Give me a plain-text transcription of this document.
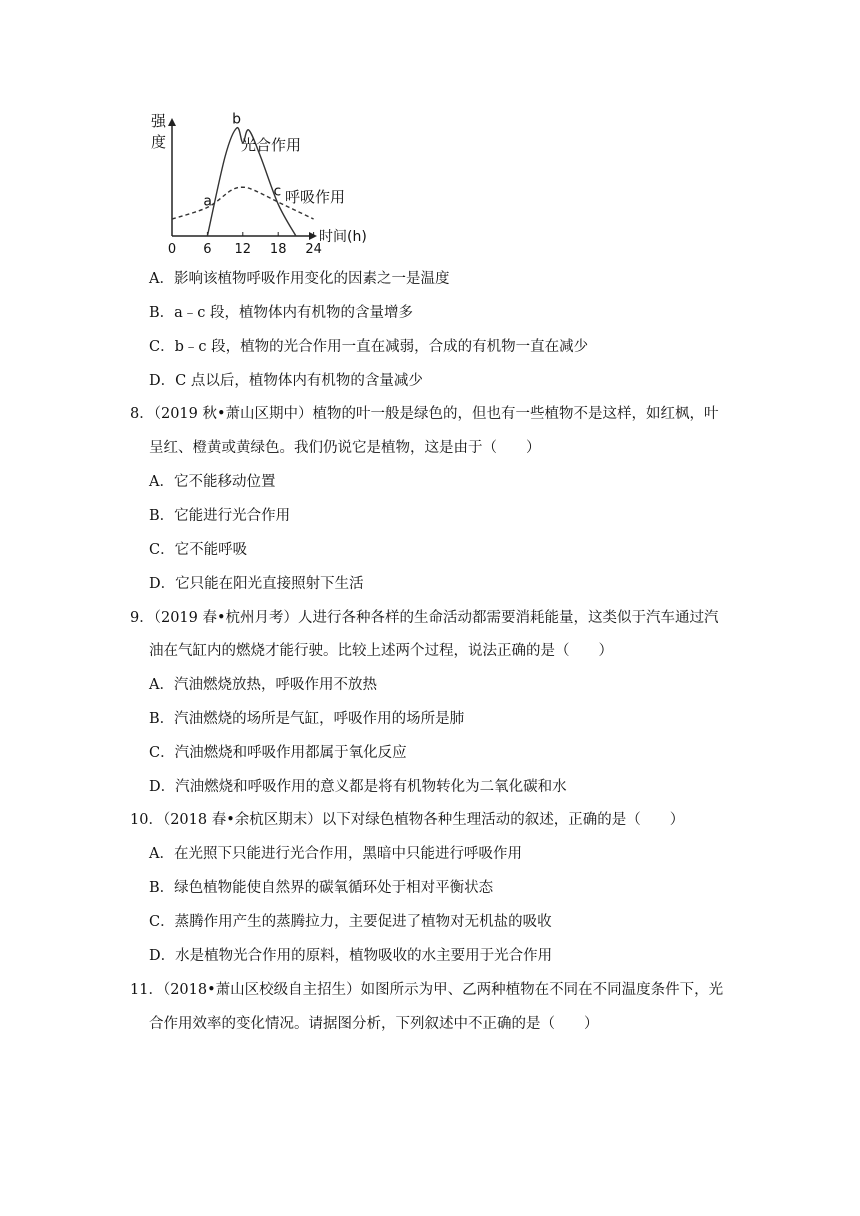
强
度
时间(h)
0 6 12 18 24
光合作用
呼吸作用
a
b
c
A．影响该植物呼吸作用变化的因素之一是温度
B．a﹣c 段，植物体内有机物的含量增多
C．b﹣c 段，植物的光合作用一直在减弱，合成的有机物一直在减少
D．C 点以后，植物体内有机物的含量减少
8．（2019 秋•萧山区期中）植物的叶一般是绿色的，但也有一些植物不是这样，如红枫，叶
呈红、橙黄或黄绿色。我们仍说它是植物，这是由于（　　）
A．它不能移动位置
B．它能进行光合作用
C．它不能呼吸
D．它只能在阳光直接照射下生活
9．（2019 春•杭州月考）人进行各种各样的生命活动都需要消耗能量，这类似于汽车通过汽
油在气缸内的燃烧才能行驶。比较上述两个过程，说法正确的是（　　）
A．汽油燃烧放热，呼吸作用不放热
B．汽油燃烧的场所是气缸，呼吸作用的场所是肺
C．汽油燃烧和呼吸作用都属于氧化反应
D．汽油燃烧和呼吸作用的意义都是将有机物转化为二氧化碳和水
10．（2018 春•余杭区期末）以下对绿色植物各种生理活动的叙述，正确的是（　　）
A．在光照下只能进行光合作用，黑暗中只能进行呼吸作用
B．绿色植物能使自然界的碳氧循环处于相对平衡状态
C．蒸腾作用产生的蒸腾拉力，主要促进了植物对无机盐的吸收
D．水是植物光合作用的原料，植物吸收的水主要用于光合作用
11．（2018•萧山区校级自主招生）如图所示为甲、乙两种植物在不同在不同温度条件下，光
合作用效率的变化情况。请据图分析，下列叙述中不正确的是（　　）
